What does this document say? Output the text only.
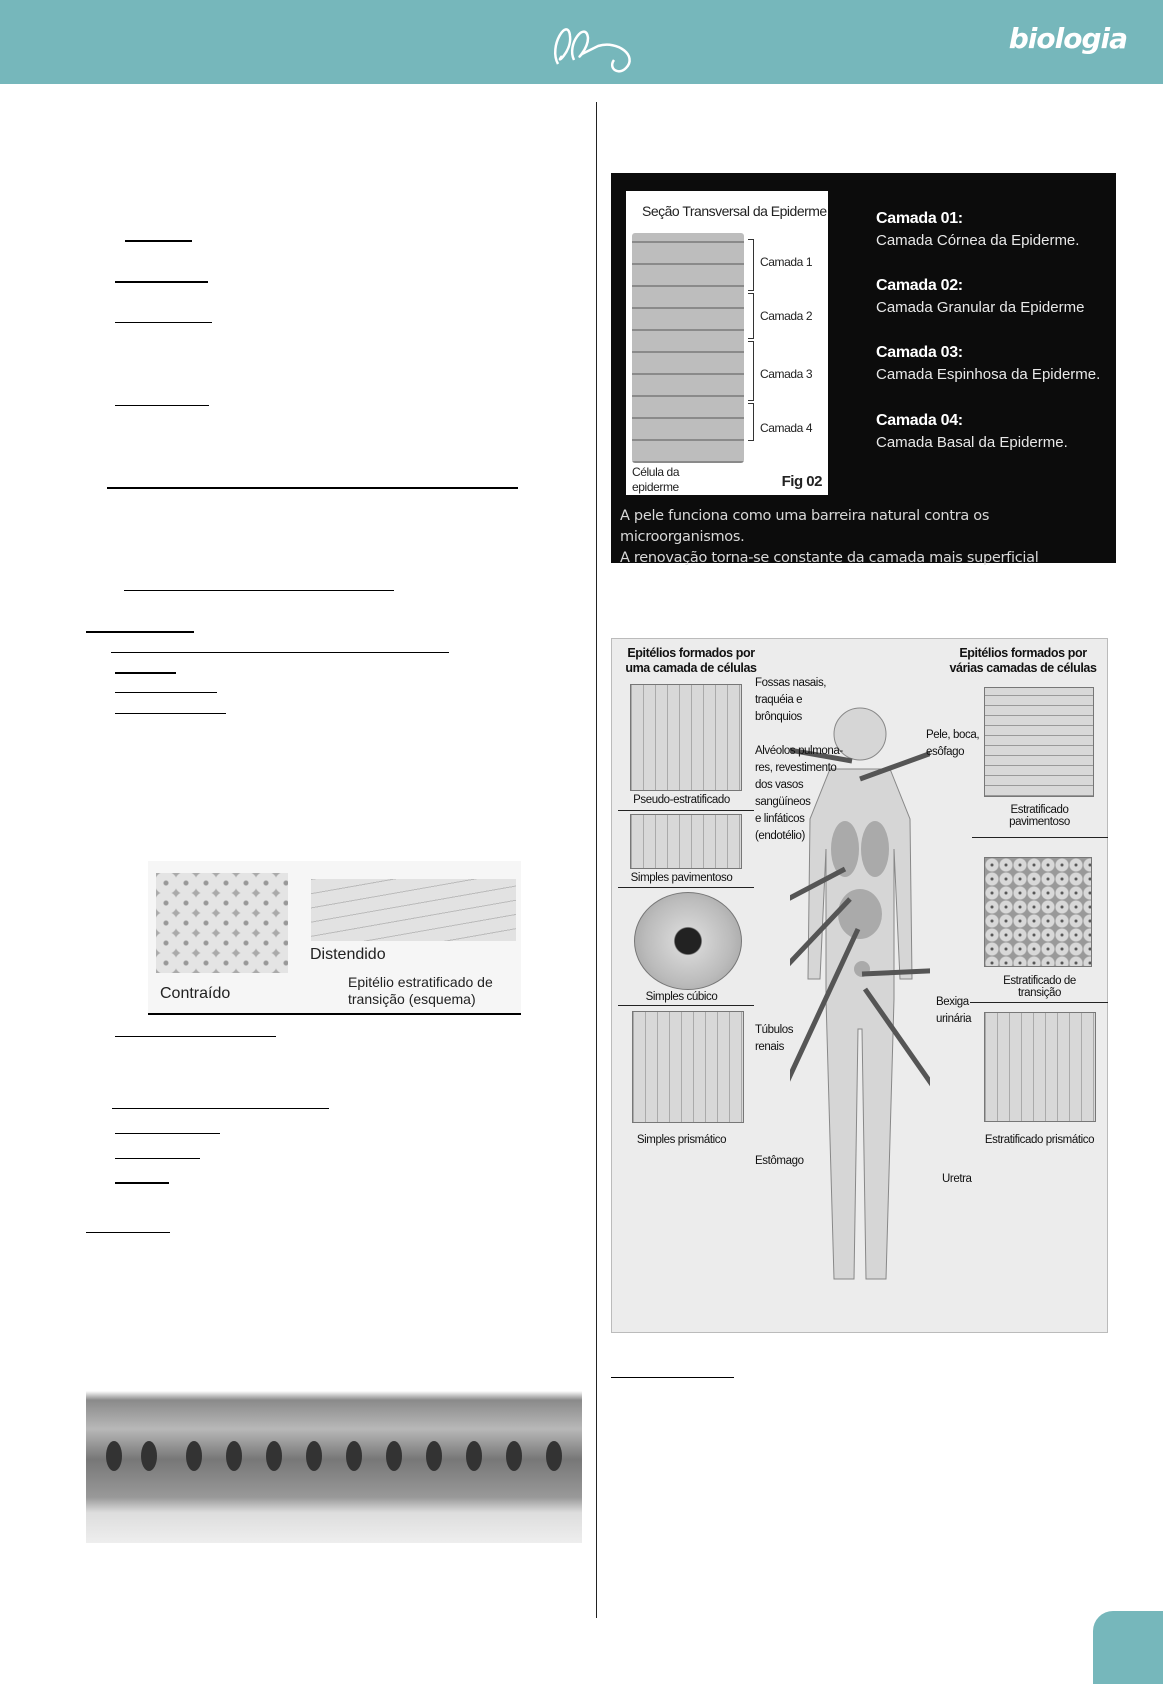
biologia
Distendido
Contraído
Epitélio estratificado de
transição (esquema)
Seção Transversal da Epiderme
Camada 1
Camada 2
Camada 3
Camada 4
Célula da
epiderme	Fig 02
Camada 01:
Camada Córnea da Epiderme.
Camada 02:
Camada Granular da Epiderme
Camada 03:
Camada Espinhosa da Epiderme.
Camada 04:
Camada Basal da Epiderme.
A pele funciona como uma barreira natural contra os microorganismos.
A renovação torna-se constante da camada mais superficial
Epitélios formados por
uma camada de células
Epitélios formados por
várias camadas de células
Pseudo-estratificado
Simples pavimentoso
Simples cúbico
Simples prismático
Estratificado
pavimentoso
Estratificado de
transição
Estratificado prismático
Fossas nasais,
traquéia e
brônquios
Alvéolos pulmona-
res, revestimento
dos vasos
sangüíneos
e linfáticos
(endotélio)
Túbulos
renais
Estômago
Pele, boca,
esôfago
Bexiga
urinária
Uretra
